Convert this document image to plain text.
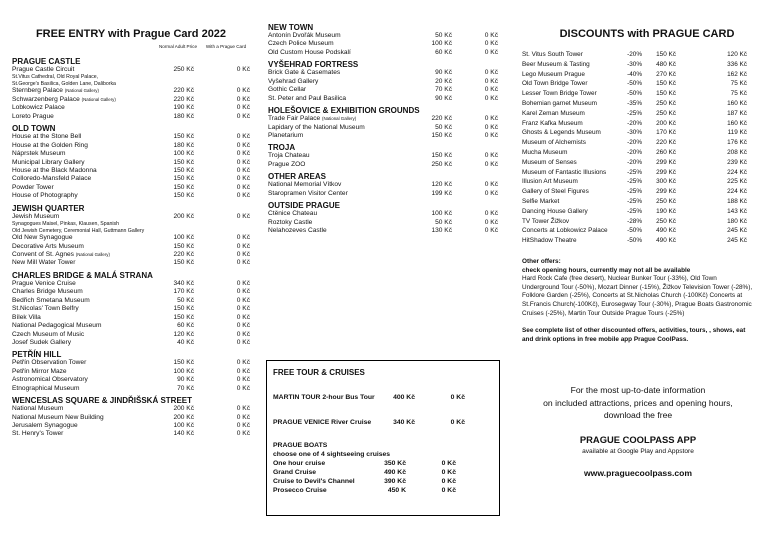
FREE ENTRY with Prague Card 2022
Normal Adult Price	With a Prague Card
PRAGUE CASTLE
Prague Castle Circuit	250 Kč	0 Kč
St.Vitus Cathedral, Old Royal Palace,
St.George's Basilica, Golden Lane, Daliborka
Sternberg Palace (National Gallery)	220 Kč	0 Kč
Schwarzenberg Palace (National Gallery)	220 Kč	0 Kč
Lobkowicz Palace	190 Kč	0 Kč
Loreto Prague	180 Kč	0 Kč
OLD TOWN
House at the Stone Bell	150 Kč	0 Kč
House at the Golden Ring	180 Kč	0 Kč
Náprstek Museum	100 Kč	0 Kč
Municipal Library Gallery	150 Kč	0 Kč
House at the Black Madonna	150 Kč	0 Kč
Colloredo-Mansfeld Palace	150 Kč	0 Kč
Powder Tower	150 Kč	0 Kč
House of Photography	150 Kč	0 Kč
JEWISH QUARTER
Jewish Museum	200 Kč	0 Kč
Synagogues Maisel, Pinkas, Klausen, Spanish
Old Jewish Cemetery, Ceremonial Hall, Guttmann Gallery
Old New Synagogue	100 Kč	0 Kč
Decorative Arts Museum	150 Kč	0 Kč
Convent of St. Agnes (National Gallery)	220 Kč	0 Kč
New Mill Water Tower	150 Kč	0 Kč
CHARLES BRIDGE & MALÁ STRANA
Prague Venice Cruise	340 Kč	0 Kč
Charles Bridge Museum	170 Kč	0 Kč
Bedřich Smetana Museum	50 Kč	0 Kč
St.Nicolas' Town Belfry	150 Kč	0 Kč
Bílek Villa	150 Kč	0 Kč
National Pedagogical Museum	60 Kč	0 Kč
Czech Museum of Music	120 Kč	0 Kč
Josef Sudek Gallery	40 Kč	0 Kč
PETŘÍN HILL
Petřín Observation Tower	150 Kč	0 Kč
Petřín Mirror Maze	100 Kč	0 Kč
Astronomical Observatory	90 Kč	0 Kč
Etnographical Museum	70 Kč	0 Kč
WENCESLAS SQUARE & JINDŘIŠSKÁ STREET
National Museum	200 Kč	0 Kč
National Museum New Building	200 Kč	0 Kč
Jerusalem Synagogue	100 Kč	0 Kč
St. Henry's Tower	140 Kč	0 Kč
NEW TOWN
Antonín Dvořák Museum	50 Kč	0 Kč
Czech Police Museum	100 Kč	0 Kč
Old Custom House Podskalí	60 Kč	0 Kč
VYŠEHRAD FORTRESS
Brick Gate & Casemates	90 Kč	0 Kč
Vyšehrad Gallery	20 Kč	0 Kč
Gothic Cellar	70 Kč	0 Kč
St. Peter and Paul Basilica	90 Kč	0 Kč
HOLEŠOVICE & EXHIBITION GROUNDS
Trade Fair Palace (National Gallery)	220 Kč	0 Kč
Lapidary of the National Museum	50 Kč	0 Kč
Planetarium	150 Kč	0 Kč
TROJA
Troja Chateau	150 Kč	0 Kč
Prague ZOO	250 Kč	0 Kč
OTHER AREAS
National Memorial Vítkov	120 Kč	0 Kč
Staropramen Visitor Center	199 Kč	0 Kč
OUTSIDE PRAGUE
Ctěnice Chateau	100 Kč	0 Kč
Roztoky Castle	50 Kč	0 Kč
Nelahozeves Castle	130 Kč	0 Kč
FREE TOUR & CRUISES
MARTIN TOUR 2-hour Bus Tour	400 Kč	0 Kč
PRAGUE VENICE River Cruise	340 Kč	0 Kč
PRAGUE BOATS
choose one of 4 sightseeing cruises
One hour cruise	350 Kč	0 Kč
Grand Cruise	490 Kč	0 Kč
Cruise to Devil's Channel	390 Kč	0 Kč
Prosecco Cruise	450 K	0 Kč
DISCOUNTS with PRAGUE CARD
St. Vitus South Tower	-20%	150 Kč	120 Kč
Beer Museum & Tasting	-30%	480 Kč	336 Kč
Lego Museum Prague	-40%	270 Kč	162 Kč
Old Town Bridge Tower	-50%	150 Kč	75 Kč
Lesser Town Bridge Tower	-50%	150 Kč	75 Kč
Bohemian garnet Museum	-35%	250 Kč	160 Kč
Karel Zeman Museum	-25%	250 Kč	187 Kč
Franz Kafka Museum	-20%	200 Kč	160 Kč
Ghosts & Legends Museum	-30%	170 Kč	119 Kč
Museum of Alchemists	-20%	220 Kč	176 Kč
Mucha Museum	-20%	260 Kč	208 Kč
Museum of Senses	-20%	299 Kč	239 Kč
Museum of Fantastic Illusions	-25%	299 Kč	224 Kč
Illusion Art Museum	-25%	300 Kč	225 Kč
Gallery of Steel Figures	-25%	299 Kč	224 Kč
Selfie Market	-25%	250 Kč	188 Kč
Dancing House Gallery	-25%	190 Kč	143 Kč
TV Tower Žižkov	-28%	250 Kč	180 Kč
Concerts at Lobkowicz Palace	-50%	490 Kč	245 Kč
HitShadow Theatre	-50%	490 Kč	245 Kč
Other offers:
check opening hours, currently may not all be available
Hard Rock Cafe (free desert), Nuclear Bunker Tour (-33%), Old Town Underground Tour (-50%), Mozart Dinner (-15%), Žižkov Television Tower (-28%), Folklore Garden (-25%), Concerts at St.Nicholas Church (-100Kč) Concerts at St.Francis Church(-100Kč), Eurosegway Tour (-30%), Prague Boats Gastronomic Cruises (-25%), Martin Tour Outside Prague Tours (-25%)
See complete list of other discounted offers, activities, tours, , shows, eat and drink options in free mobile app Prague CoolPass.
For the most up-to-date information
on included attractions, prices and opening hours,
download the free
PRAGUE COOLPASS APP
available at Google Play and Appstore
www.praguecoolpass.com
